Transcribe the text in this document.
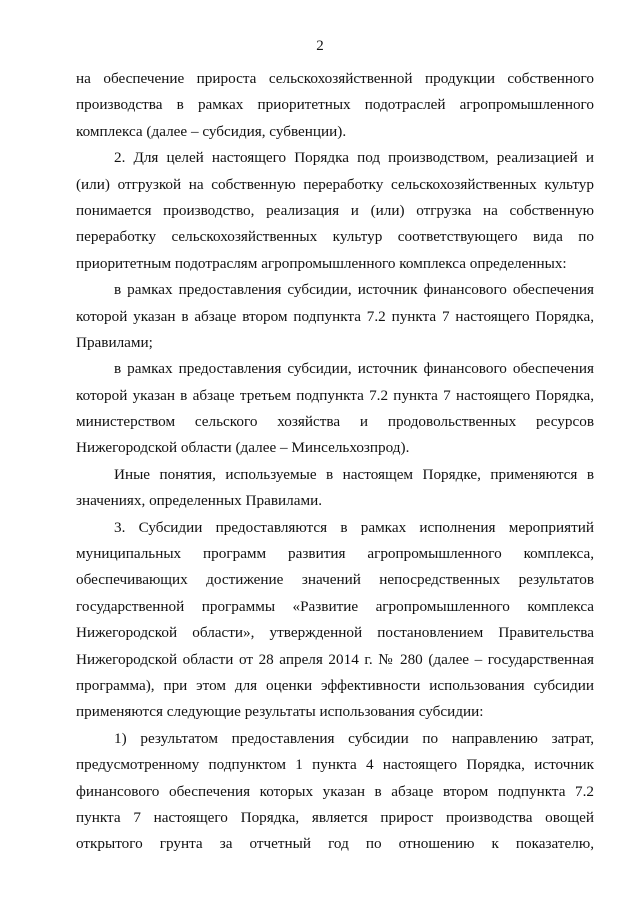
2
на обеспечение прироста сельскохозяйственной продукции собственного
производства в рамках приоритетных подотраслей агропромышленного
комплекса (далее – субсидия, субвенции).
2. Для целей настоящего Порядка под производством, реализацией и
(или) отгрузкой на собственную переработку сельскохозяйственных культур
понимается производство, реализация и (или) отгрузка на собственную
переработку сельскохозяйственных культур соответствующего вида по
приоритетным подотраслям агропромышленного комплекса определенных:
в рамках предоставления субсидии, источник финансового обеспечения
которой указан в абзаце втором подпункта 7.2 пункта 7 настоящего Порядка,
Правилами;
в рамках предоставления субсидии, источник финансового обеспечения
которой указан в абзаце третьем подпункта 7.2 пункта 7 настоящего Порядка,
министерством сельского хозяйства и продовольственных ресурсов
Нижегородской области (далее – Минсельхозпрод).
Иные понятия, используемые в настоящем Порядке, применяются в
значениях, определенных Правилами.
3. Субсидии предоставляются в рамках исполнения мероприятий
муниципальных программ развития агропромышленного комплекса,
обеспечивающих достижение значений непосредственных результатов
государственной программы «Развитие агропромышленного комплекса
Нижегородской области», утвержденной постановлением Правительства
Нижегородской области от 28 апреля 2014 г. № 280 (далее – государственная
программа), при этом для оценки эффективности использования субсидии
применяются следующие результаты использования субсидии:
1) результатом предоставления субсидии по направлению затрат,
предусмотренному подпунктом 1 пункта 4 настоящего Порядка, источник
финансового обеспечения которых указан в абзаце втором подпункта 7.2
пункта 7 настоящего Порядка, является прирост производства овощей
открытого грунта за отчетный год по отношению к показателю,
